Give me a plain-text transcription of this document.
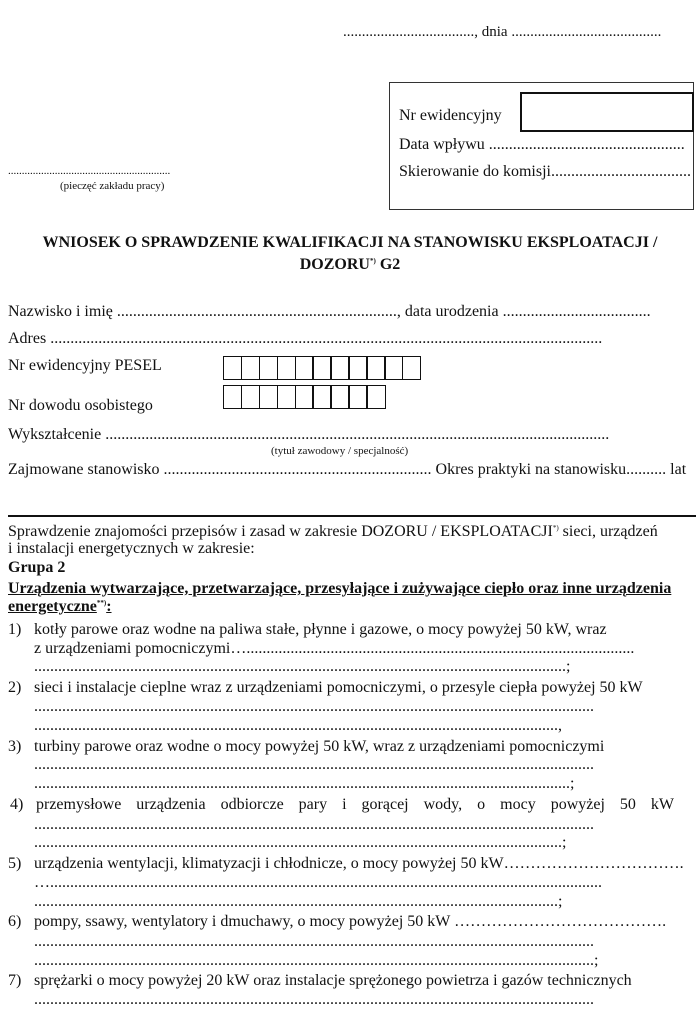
..................................., dnia ........................................
Nr ewidencyjny
Data wpływu .................................................
Skierowanie do komisji...................................
...........................................................
(pieczęć zakładu pracy)
WNIOSEK O SPRAWDZENIE KWALIFIKACJI NA STANOWISKU EKSPLOATACJI /
DOZORU*) G2
Nazwisko i imię ......................................................................, data urodzenia .....................................
Adres ..........................................................................................................................................
Nr ewidencyjny PESEL
Nr dowodu osobistego
Wykształcenie ..............................................................................................................................
(tytuł zawodowy / specjalność)
Zajmowane stanowisko ................................................................... Okres praktyki na stanowisku.......... lat
Sprawdzenie znajomości przepisów i zasad w zakresie DOZORU / EKSPLOATACJI*) sieci, urządzeń
i instalacji energetycznych w zakresie:
Grupa 2
Urządzenia wytwarzające, przetwarzające, przesyłające i zużywające ciepło oraz inne urządzenia
energetyczne**):
1) kotły parowe oraz wodne na paliwa stałe, płynne i gazowe, o mocy powyżej 50 kW, wraz
z urządzeniami pomocniczymi….................................................................................................
.....................................................................................................................................;
2) sieci i instalacje cieplne wraz z urządzeniami pomocniczymi, o przesyle ciepła powyżej 50 kW
............................................................................................................................................
...................................................................................................................................,
3) turbiny parowe oraz wodne o mocy powyżej 50 kW, wraz z urządzeniami pomocniczymi
............................................................................................................................................
......................................................................................................................................;
4) przemysłowe urządzenia odbiorcze pary i gorącej wody, o mocy powyżej 50 kW
............................................................................................................................................
....................................................................................................................................;
5) urządzenia wentylacji, klimatyzacji i chłodnicze, o mocy powyżej 50 kW…………………………….
…..........................................................................................................................................
...................................................................................................................................;
6) pompy, ssawy, wentylatory i dmuchawy, o mocy powyżej 50 kW ………………………………….
............................................................................................................................................
............................................................................................................................................;
7) sprężarki o mocy powyżej 20 kW oraz instalacje sprężonego powietrza i gazów technicznych
............................................................................................................................................
